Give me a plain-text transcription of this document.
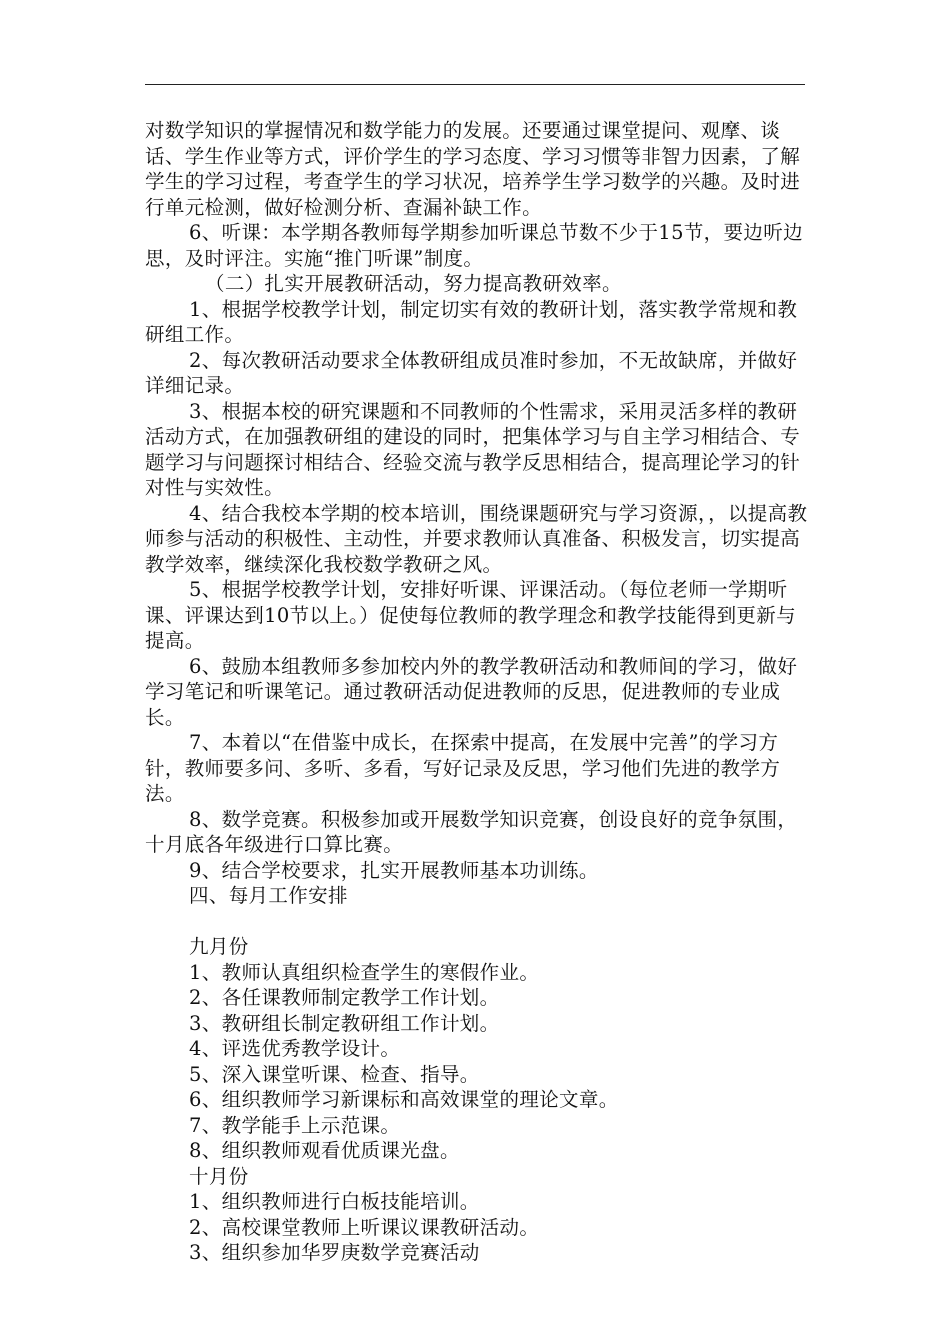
对数学知识的掌握情况和数学能力的发展。还要通过课堂提问、观摩、谈话、学生作业等方式，评价学生的学习态度、学习习惯等非智力因素，了解学生的学习过程，考查学生的学习状况，培养学生学习数学的兴趣。及时进行单元检测，做好检测分析、查漏补缺工作。

6、听课：本学期各教师每学期参加听课总节数不少于15节，要边听边思，及时评注。实施“推门听课”制度。

（二）扎实开展教研活动，努力提高教研效率。

1、根据学校教学计划，制定切实有效的教研计划，落实教学常规和教研组工作。

2、每次教研活动要求全体教研组成员准时参加，不无故缺席，并做好详细记录。

3、根据本校的研究课题和不同教师的个性需求，采用灵活多样的教研活动方式，在加强教研组的建设的同时，把集体学习与自主学习相结合、专题学习与问题探讨相结合、经验交流与教学反思相结合，提高理论学习的针对性与实效性。

4、结合我校本学期的校本培训，围绕课题研究与学习资源，，以提高教师参与活动的积极性、主动性，并要求教师认真准备、积极发言，切实提高教学效率，继续深化我校数学教研之风。

5、根据学校教学计划，安排好听课、评课活动。（每位老师一学期听课、评课达到10节以上。）促使每位教师的教学理念和教学技能得到更新与提高。

6、鼓励本组教师多参加校内外的教学教研活动和教师间的学习，做好学习笔记和听课笔记。通过教研活动促进教师的反思，促进教师的专业成长。

7、本着以“在借鉴中成长，在探索中提高，在发展中完善”的学习方针，教师要多问、多听、多看，写好记录及反思，学习他们先进的教学方法。

8、数学竞赛。积极参加或开展数学知识竞赛，创设良好的竞争氛围，十月底各年级进行口算比赛。

9、结合学校要求，扎实开展教师基本功训练。

四、每月工作安排

九月份

1、教师认真组织检查学生的寒假作业。

2、各任课教师制定教学工作计划。

3、教研组长制定教研组工作计划。

4、评选优秀教学设计。

5、深入课堂听课、检查、指导。

6、组织教师学习新课标和高效课堂的理论文章。

7、教学能手上示范课。

8、组织教师观看优质课光盘。

十月份

1、组织教师进行白板技能培训。

2、高校课堂教师上听课议课教研活动。

3、组织参加华罗庚数学竞赛活动
